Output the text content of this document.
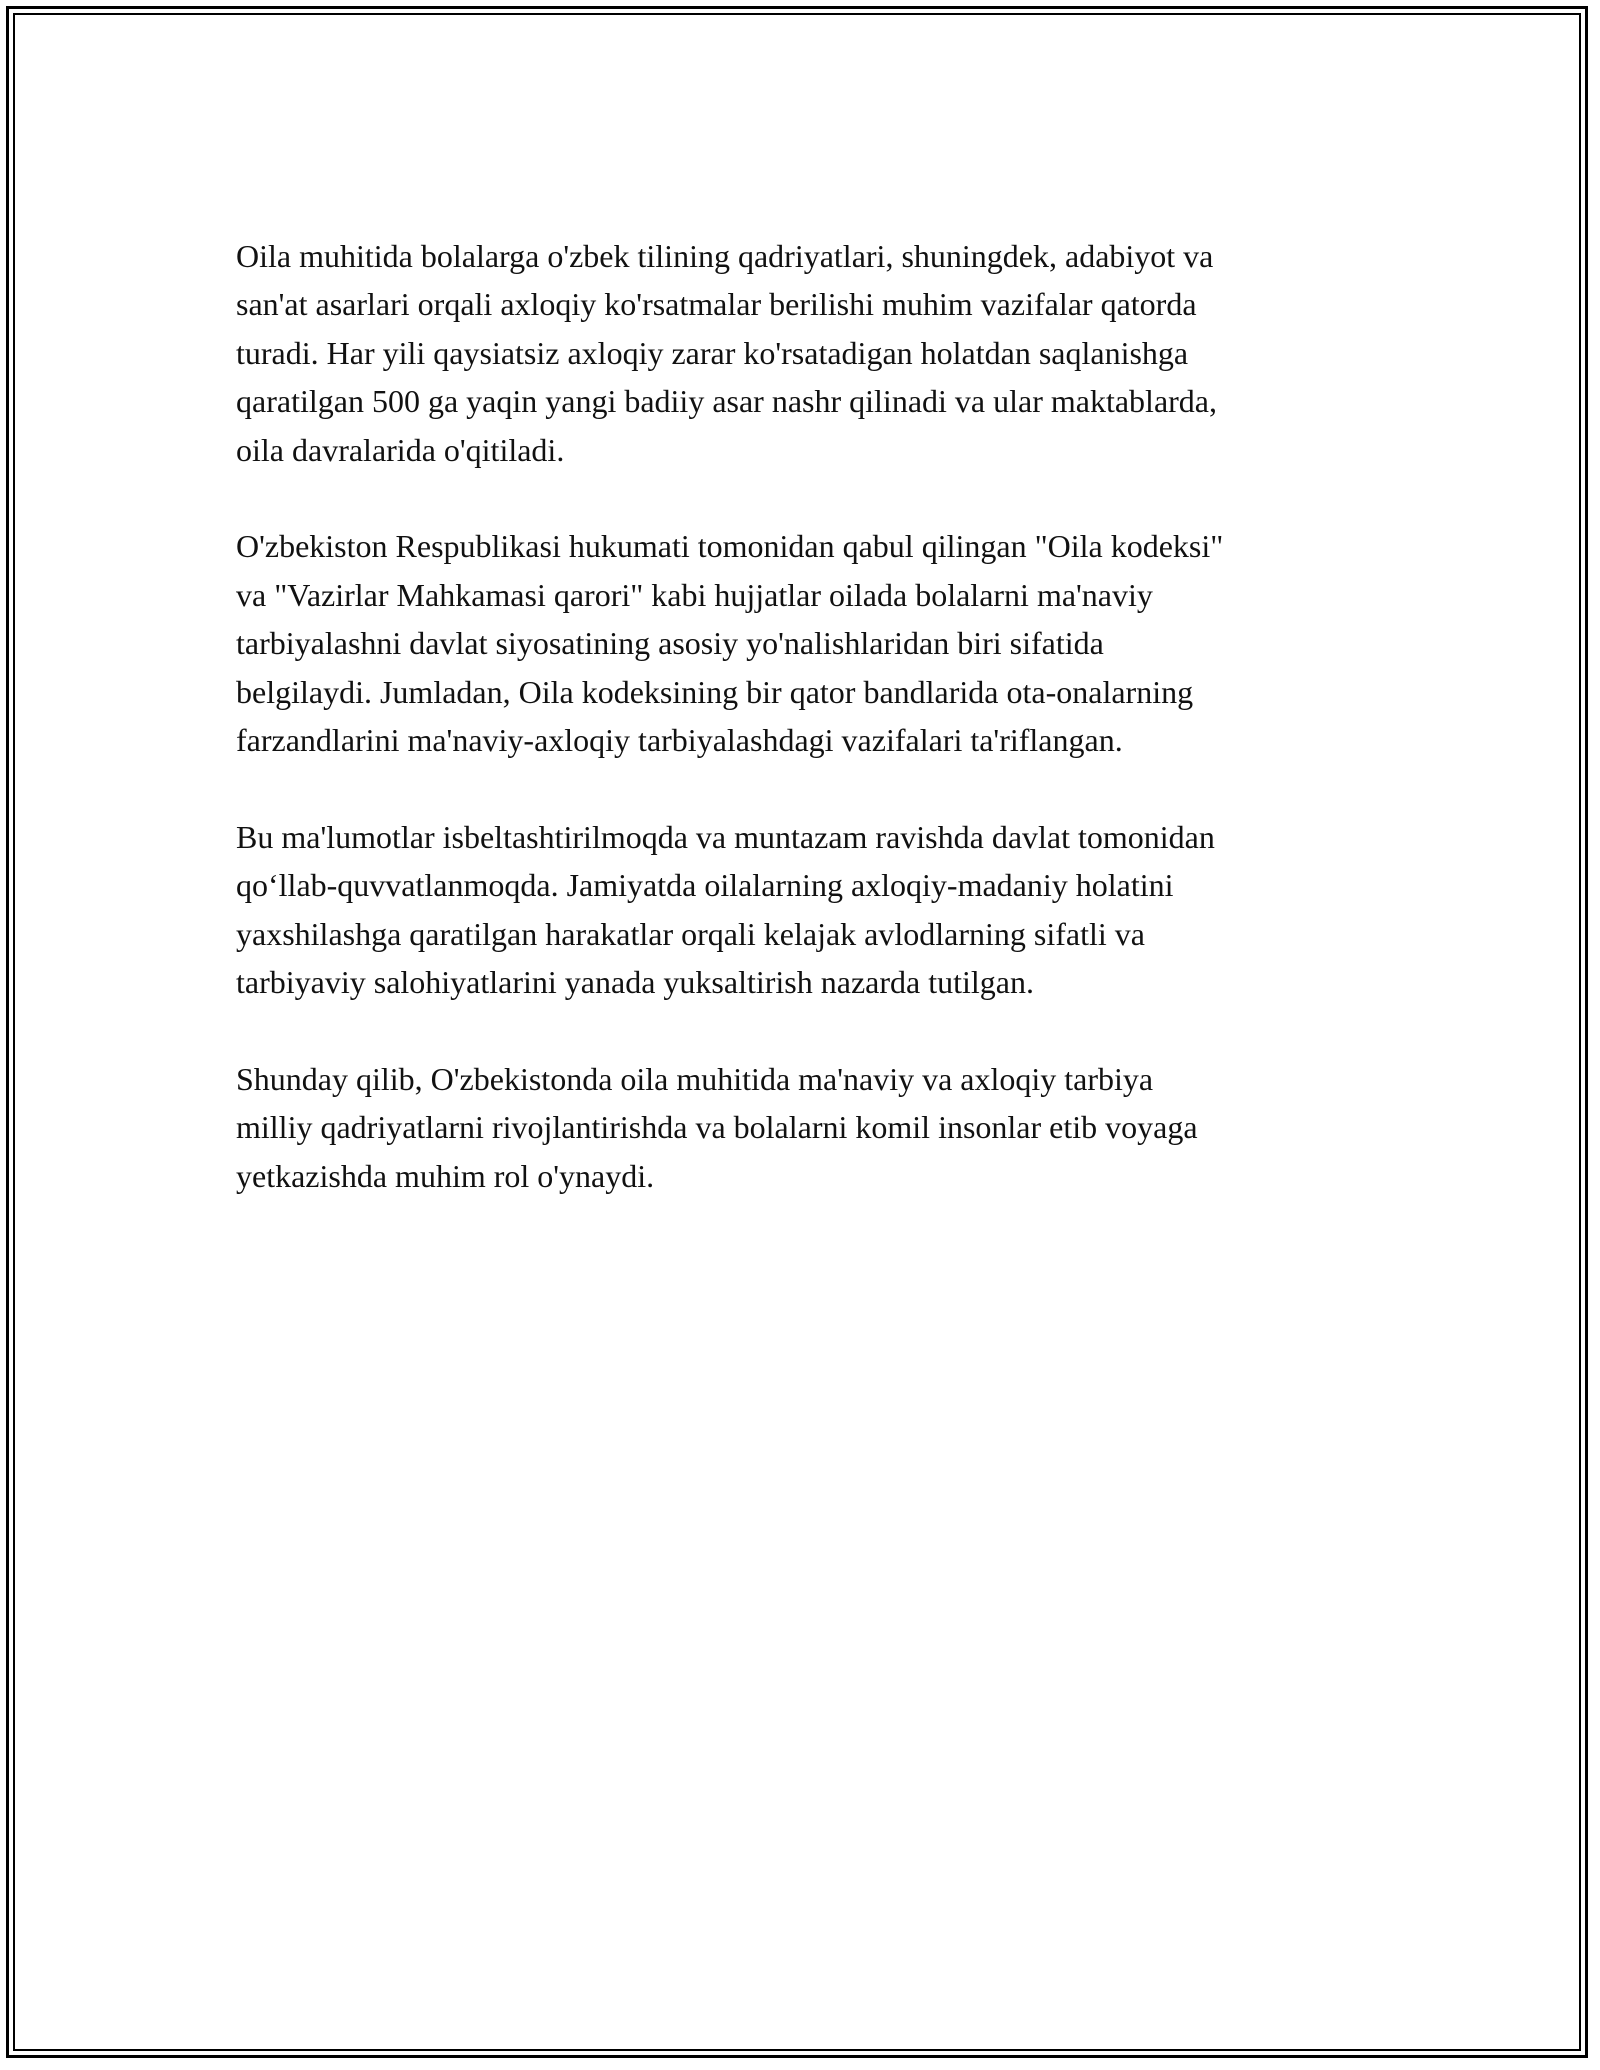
Oila muhitida bolalarga o'zbek tilining qadriyatlari, shuningdek, adabiyot va
san'at asarlari orqali axloqiy ko'rsatmalar berilishi muhim vazifalar qatorda
turadi. Har yili qaysiatsiz axloqiy zarar ko'rsatadigan holatdan saqlanishga
qaratilgan 500 ga yaqin yangi badiiy asar nashr qilinadi va ular maktablarda,
oila davralarida o'qitiladi.

O'zbekiston Respublikasi hukumati tomonidan qabul qilingan "Oila kodeksi"
va "Vazirlar Mahkamasi qarori" kabi hujjatlar oilada bolalarni ma'naviy
tarbiyalashni davlat siyosatining asosiy yo'nalishlaridan biri sifatida
belgilaydi. Jumladan, Oila kodeksining bir qator bandlarida ota-onalarning
farzandlarini ma'naviy-axloqiy tarbiyalashdagi vazifalari ta'riflangan.

Bu ma'lumotlar isbeltashtirilmoqda va muntazam ravishda davlat tomonidan
qo‘llab-quvvatlanmoqda. Jamiyatda oilalarning axloqiy-madaniy holatini
yaxshilashga qaratilgan harakatlar orqali kelajak avlodlarning sifatli va
tarbiyaviy salohiyatlarini yanada yuksaltirish nazarda tutilgan.

Shunday qilib, O'zbekistonda oila muhitida ma'naviy va axloqiy tarbiya
milliy qadriyatlarni rivojlantirishda va bolalarni komil insonlar etib voyaga
yetkazishda muhim rol o'ynaydi.
